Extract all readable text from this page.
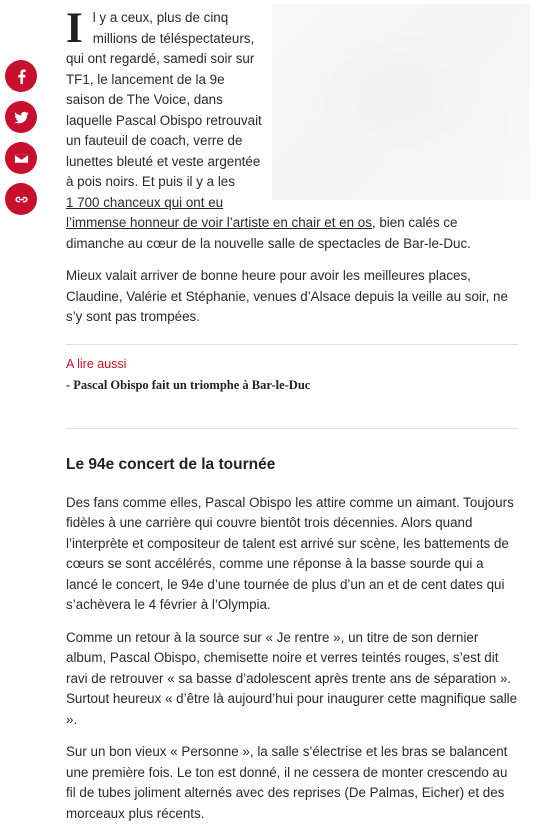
Il y a ceux, plus de cinq millions de téléspectateurs, qui ont regardé, samedi soir sur TF1, le lancement de la 9e saison de The Voice, dans laquelle Pascal Obispo retrouvait un fauteuil de coach, verre de lunettes bleuté et veste argentée à pois noirs. Et puis il y a les
1 700 chanceux qui ont eu
l’immense honneur de voir l’artiste en chair et en os, bien calés ce dimanche au cœur de la nouvelle salle de spectacles de Bar-le-Duc.

Mieux valait arriver de bonne heure pour avoir les meilleures places, Claudine, Valérie et Stéphanie, venues d’Alsace depuis la veille au soir, ne s’y sont pas trompées.

A lire aussi
- Pascal Obispo fait un triomphe à Bar-le-Duc
Le 94e concert de la tournée

Des fans comme elles, Pascal Obispo les attire comme un aimant. Toujours fidèles à une carrière qui couvre bientôt trois décennies. Alors quand l’interprète et compositeur de talent est arrivé sur scène, les battements de cœurs se sont accélérés, comme une réponse à la basse sourde qui a lancé le concert, le 94e d’une tournée de plus d’un an et de cent dates qui s’achèvera le 4 février à l’Olympia.

Comme un retour à la source sur « Je rentre », un titre de son dernier album, Pascal Obispo, chemisette noire et verres teintés rouges, s’est dit ravi de retrouver « sa basse d’adolescent après trente ans de séparation ». Surtout heureux « d’être là aujourd’hui pour inaugurer cette magnifique salle ».

Sur un bon vieux « Personne », la salle s’électrise et les bras se balancent une première fois. Le ton est donné, il ne cessera de monter crescendo au fil de tubes joliment alternés avec des reprises (De Palmas, Eicher) et des morceaux plus récents.
